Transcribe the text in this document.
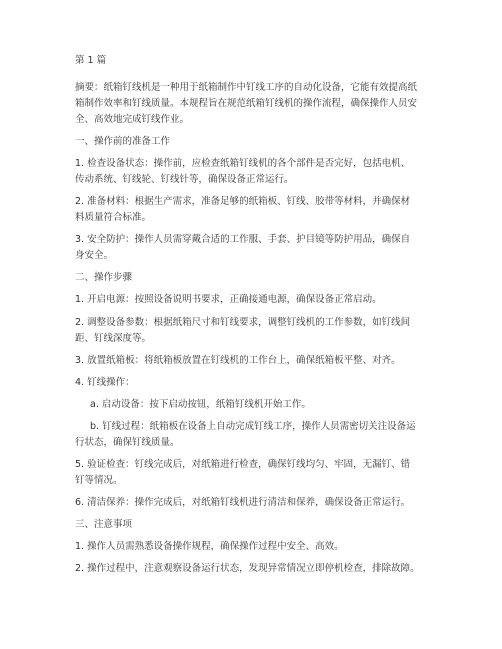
第 1 篇
摘要：纸箱钉线机是一种用于纸箱制作中钉线工序的自动化设备，它能有效提高纸
箱制作效率和钉线质量。本规程旨在规范纸箱钉线机的操作流程，确保操作人员安
全、高效地完成钉线作业。
一、操作前的准备工作
1. 检查设备状态：操作前，应检查纸箱钉线机的各个部件是否完好，包括电机、
传动系统、钉线轮、钉线针等，确保设备正常运行。
2. 准备材料：根据生产需求，准备足够的纸箱板、钉线、胶带等材料，并确保材
料质量符合标准。
3. 安全防护：操作人员需穿戴合适的工作服、手套、护目镜等防护用品，确保自
身安全。
二、操作步骤
1. 开启电源：按照设备说明书要求，正确接通电源，确保设备正常启动。
2. 调整设备参数：根据纸箱尺寸和钉线要求，调整钉线机的工作参数，如钉线间
距、钉线深度等。
3. 放置纸箱板：将纸箱板放置在钉线机的工作台上，确保纸箱板平整、对齐。
4. 钉线操作：
a. 启动设备：按下启动按钮，纸箱钉线机开始工作。
b. 钉线过程：纸箱板在设备上自动完成钉线工序，操作人员需密切关注设备运
行状态，确保钉线质量。
5. 验证检查：钉线完成后，对纸箱进行检查，确保钉线均匀、牢固，无漏钉、错
钉等情况。
6. 清洁保养：操作完成后，对纸箱钉线机进行清洁和保养，确保设备正常运行。
三、注意事项
1. 操作人员需熟悉设备操作规程，确保操作过程中安全、高效。
2. 操作过程中，注意观察设备运行状态，发现异常情况立即停机检查，排除故障。
